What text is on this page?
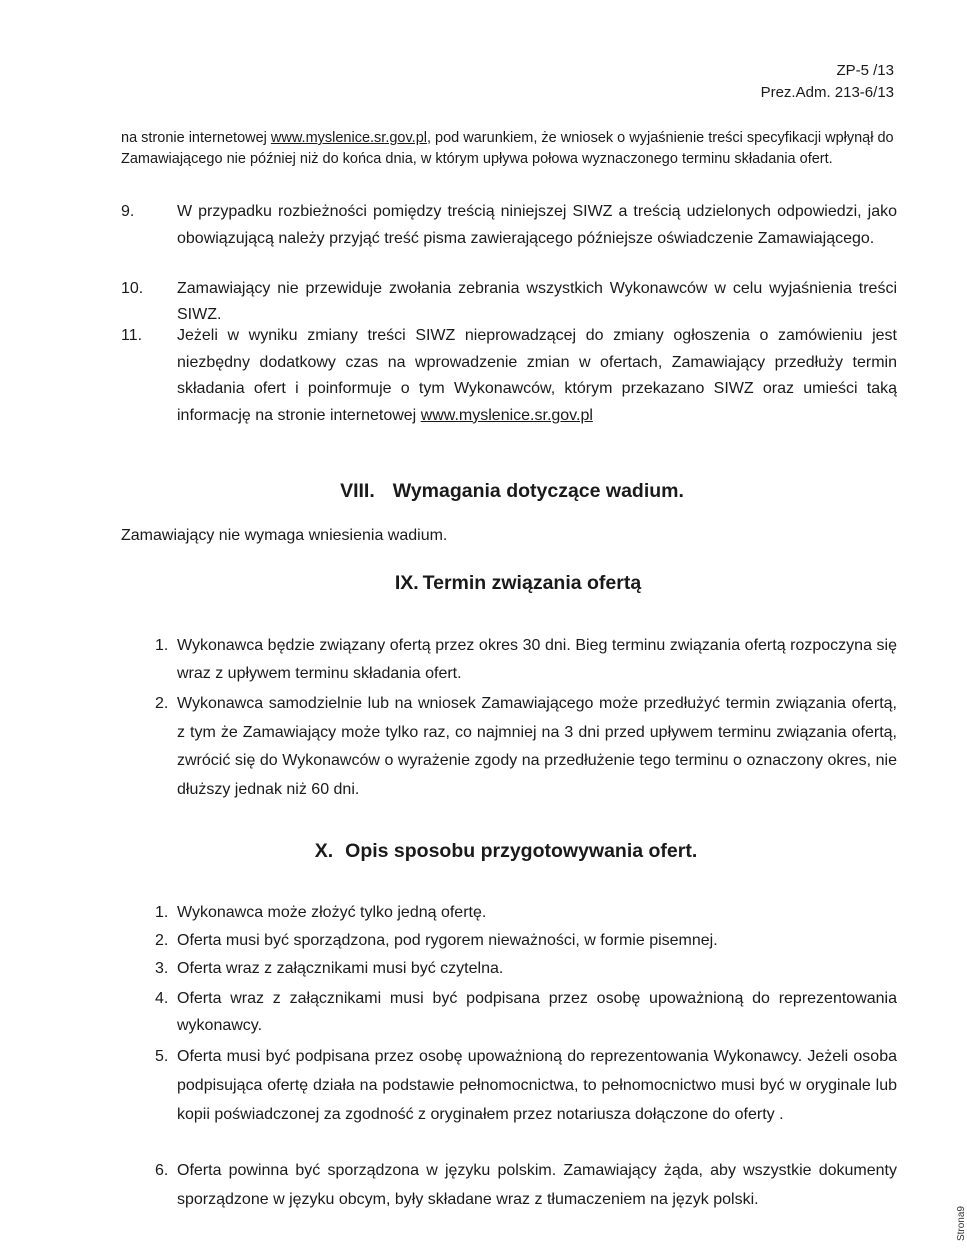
ZP-5 /13
Prez.Adm. 213-6/13
na stronie internetowej www.myslenice.sr.gov.pl, pod warunkiem, że wniosek o wyjaśnienie treści specyfikacji wpłynął do Zamawiającego nie później niż do końca dnia, w którym upływa połowa wyznaczonego terminu składania ofert.
9.	W przypadku rozbieżności pomiędzy treścią niniejszej SIWZ a treścią udzielonych odpowiedzi, jako obowiązującą należy przyjąć treść pisma zawierającego późniejsze oświadczenie Zamawiającego.
10.	Zamawiający nie przewiduje zwołania zebrania wszystkich Wykonawców w celu wyjaśnienia treści SIWZ.
11.	Jeżeli w wyniku zmiany treści SIWZ nieprowadzącej do zmiany ogłoszenia o zamówieniu jest niezbędny dodatkowy czas na wprowadzenie zmian w ofertach, Zamawiający przedłuży termin składania ofert i poinformuje o tym Wykonawców, którym przekazano SIWZ oraz umieści taką informację na stronie internetowej www.myslenice.sr.gov.pl
VIII. Wymagania dotyczące wadium.
Zamawiający nie wymaga wniesienia wadium.
IX. Termin związania ofertą
1. Wykonawca będzie związany ofertą przez okres 30 dni. Bieg terminu związania ofertą rozpoczyna się wraz z upływem terminu składania ofert.
2. Wykonawca samodzielnie lub na wniosek Zamawiającego może przedłużyć termin związania ofertą, z tym że Zamawiający może tylko raz, co najmniej na 3 dni przed upływem terminu związania ofertą, zwrócić się do Wykonawców o wyrażenie zgody na przedłużenie tego terminu o oznaczony okres, nie dłuższy jednak niż 60 dni.
X. Opis sposobu przygotowywania ofert.
1. Wykonawca może złożyć tylko jedną ofertę.
2. Oferta musi być sporządzona, pod rygorem nieważności, w formie pisemnej.
3. Oferta wraz z załącznikami musi być czytelna.
4. Oferta wraz z załącznikami musi być podpisana przez osobę upoważnioną do reprezentowania wykonawcy.
5. Oferta musi być podpisana przez osobę upoważnioną do reprezentowania Wykonawcy. Jeżeli osoba podpisująca ofertę działa na podstawie pełnomocnictwa, to pełnomocnictwo musi być w oryginale lub kopii poświadczonej za zgodność z oryginałem przez notariusza dołączone do oferty .
6. Oferta powinna być sporządzona w języku polskim. Zamawiający żąda, aby wszystkie dokumenty sporządzone w języku obcym, były składane wraz z tłumaczeniem na język polski.
Strona9
